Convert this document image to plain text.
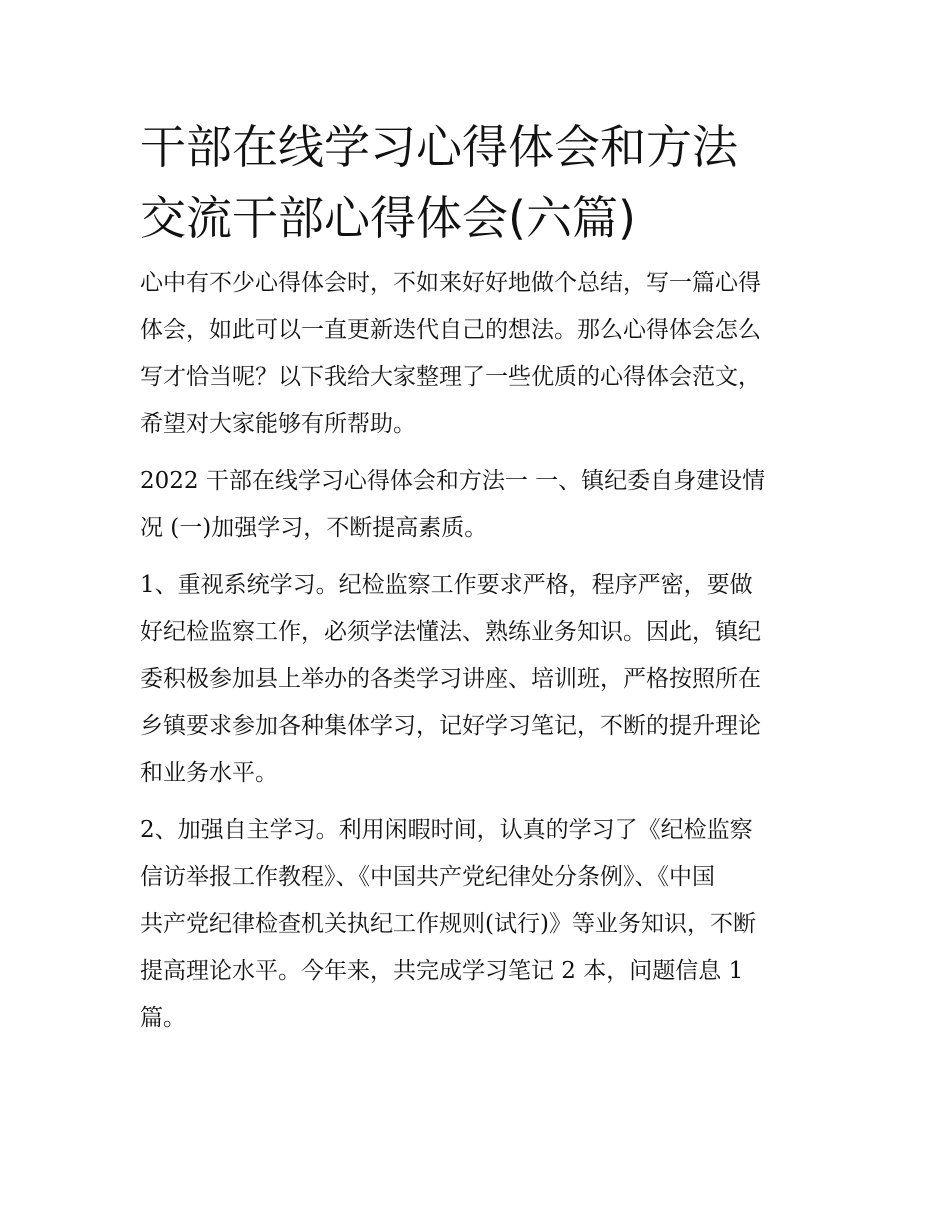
干部在线学习心得体会和方法
交流干部心得体会(六篇)

心中有不少心得体会时，不如来好好地做个总结，写一篇心得
体会，如此可以一直更新迭代自己的想法。那么心得体会怎么
写才恰当呢？以下我给大家整理了一些优质的心得体会范文，
希望对大家能够有所帮助。

2022 干部在线学习心得体会和方法一 一、镇纪委自身建设情
况 (一)加强学习，不断提高素质。

1、重视系统学习。纪检监察工作要求严格，程序严密，要做
好纪检监察工作，必须学法懂法、熟练业务知识。因此，镇纪
委积极参加县上举办的各类学习讲座、培训班，严格按照所在
乡镇要求参加各种集体学习，记好学习笔记，不断的提升理论
和业务水平。

2、加强自主学习。利用闲暇时间，认真的学习了《纪检监察
信访举报工作教程》、《中国共产党纪律处分条例》、《中国
共产党纪律检查机关执纪工作规则(试行)》等业务知识，不断
提高理论水平。今年来，共完成学习笔记 2 本，问题信息 1
篇。
